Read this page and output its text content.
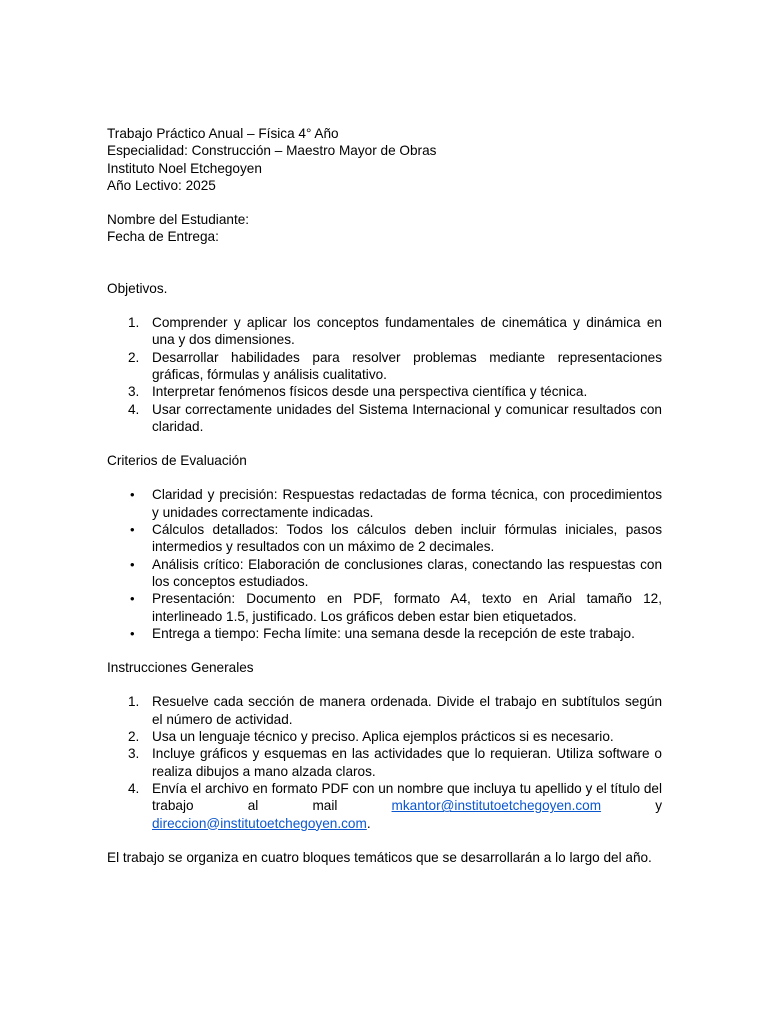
Trabajo Práctico Anual – Física 4° Año

Especialidad: Construcción – Maestro Mayor de Obras

Instituto Noel Etchegoyen

Año Lectivo: 2025

Nombre del Estudiante:

Fecha de Entrega:

Objetivos.

1. Comprender y aplicar los conceptos fundamentales de cinemática y dinámica en una y dos dimensiones.
2. Desarrollar habilidades para resolver problemas mediante representaciones gráficas, fórmulas y análisis cualitativo.
3. Interpretar fenómenos físicos desde una perspectiva científica y técnica.
4. Usar correctamente unidades del Sistema Internacional y comunicar resultados con claridad.

Criterios de Evaluación

• Claridad y precisión: Respuestas redactadas de forma técnica, con procedimientos y unidades correctamente indicadas.
• Cálculos detallados: Todos los cálculos deben incluir fórmulas iniciales, pasos intermedios y resultados con un máximo de 2 decimales.
• Análisis crítico: Elaboración de conclusiones claras, conectando las respuestas con los conceptos estudiados.
• Presentación: Documento en PDF, formato A4, texto en Arial tamaño 12, interlineado 1.5, justificado. Los gráficos deben estar bien etiquetados.
• Entrega a tiempo: Fecha límite: una semana desde la recepción de este trabajo.

Instrucciones Generales

1. Resuelve cada sección de manera ordenada. Divide el trabajo en subtítulos según el número de actividad.
2. Usa un lenguaje técnico y preciso. Aplica ejemplos prácticos si es necesario.
3. Incluye gráficos y esquemas en las actividades que lo requieran. Utiliza software o realiza dibujos a mano alzada claros.
4. Envía el archivo en formato PDF con un nombre que incluya tu apellido y el título del trabajo al mail	mkantor@institutoetchegoyen.com	y direccion@institutoetchegoyen.com.

El trabajo se organiza en cuatro bloques temáticos que se desarrollarán a lo largo del año.
